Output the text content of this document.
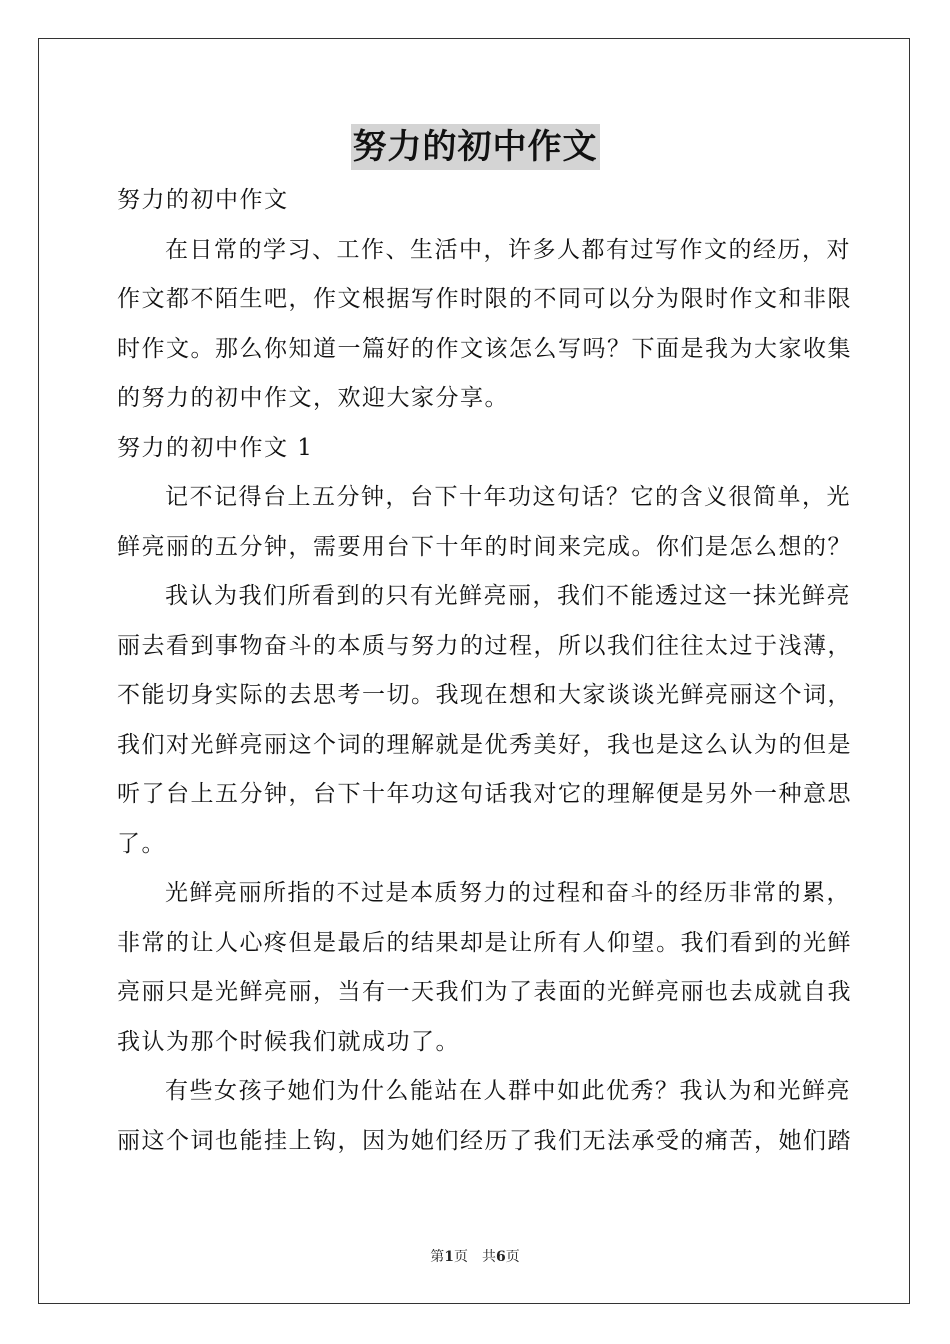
努力的初中作文

努力的初中作文

在日常的学习、工作、生活中，许多人都有过写作文的经历，对

作文都不陌生吧，作文根据写作时限的不同可以分为限时作文和非限

时作文。那么你知道一篇好的作文该怎么写吗？下面是我为大家收集

的努力的初中作文，欢迎大家分享。

努力的初中作文 1

记不记得台上五分钟，台下十年功这句话？它的含义很简单，光

鲜亮丽的五分钟，需要用台下十年的时间来完成。你们是怎么想的？

我认为我们所看到的只有光鲜亮丽，我们不能透过这一抹光鲜亮

丽去看到事物奋斗的本质与努力的过程，所以我们往往太过于浅薄，

不能切身实际的去思考一切。我现在想和大家谈谈光鲜亮丽这个词，

我们对光鲜亮丽这个词的理解就是优秀美好，我也是这么认为的但是

听了台上五分钟，台下十年功这句话我对它的理解便是另外一种意思

了。

光鲜亮丽所指的不过是本质努力的过程和奋斗的经历非常的累，

非常的让人心疼但是最后的结果却是让所有人仰望。我们看到的光鲜

亮丽只是光鲜亮丽，当有一天我们为了表面的光鲜亮丽也去成就自我

我认为那个时候我们就成功了。

有些女孩子她们为什么能站在人群中如此优秀？我认为和光鲜亮

丽这个词也能挂上钩，因为她们经历了我们无法承受的痛苦，她们踏

第1页 共6页
